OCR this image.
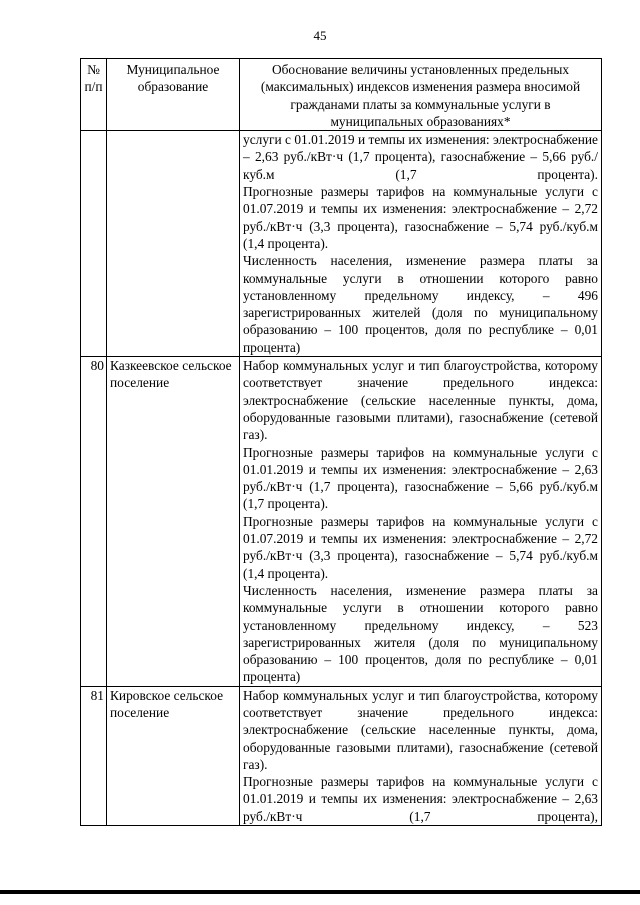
45
№ п/п	Муниципальное образование	Обоснование величины установленных предельных (максимальных) индексов изменения размера вносимой гражданами платы за коммунальные услуги в муниципальных образованиях*

		услуги с 01.01.2019 и темпы их изменения: электроснабжение – 2,63 руб./кВт·ч (1,7 процента), газоснабжение – 5,66 руб./куб.м (1,7 процента).

Прогнозные размеры тарифов на коммунальные услуги с 01.07.2019 и темпы их изменения: электроснабжение – 2,72 руб./кВт·ч (3,3 процента), газоснабжение – 5,74 руб./куб.м (1,4 процента).

Численность населения, изменение размера платы за коммунальные услуги в отношении которого равно установленному предельному индексу, – 496 зарегистрированных жителей (доля по муниципальному образованию – 100 процентов, доля по республике – 0,01 процента)

80	Казкеевское сельское поселение	Набор коммунальных услуг и тип благоустройства, которому соответствует значение предельного индекса: электроснабжение (сельские населенные пункты, дома, оборудованные газовыми плитами), газоснабжение (сетевой газ).

Прогнозные размеры тарифов на коммунальные услуги с 01.01.2019 и темпы их изменения: электроснабжение – 2,63 руб./кВт·ч (1,7 процента), газоснабжение – 5,66 руб./куб.м (1,7 процента).

Прогнозные размеры тарифов на коммунальные услуги с 01.07.2019 и темпы их изменения: электроснабжение – 2,72 руб./кВт·ч (3,3 процента), газоснабжение – 5,74 руб./куб.м (1,4 процента).

Численность населения, изменение размера платы за коммунальные услуги в отношении которого равно установленному предельному индексу, – 523 зарегистрированных жителя (доля по муниципальному образованию – 100 процентов, доля по республике – 0,01 процента)

81	Кировское сельское поселение	Набор коммунальных услуг и тип благоустройства, которому соответствует значение предельного индекса: электроснабжение (сельские населенные пункты, дома, оборудованные газовыми плитами), газоснабжение (сетевой газ).

Прогнозные размеры тарифов на коммунальные услуги с 01.01.2019 и темпы их изменения: электроснабжение – 2,63 руб./кВт·ч (1,7 процента),
